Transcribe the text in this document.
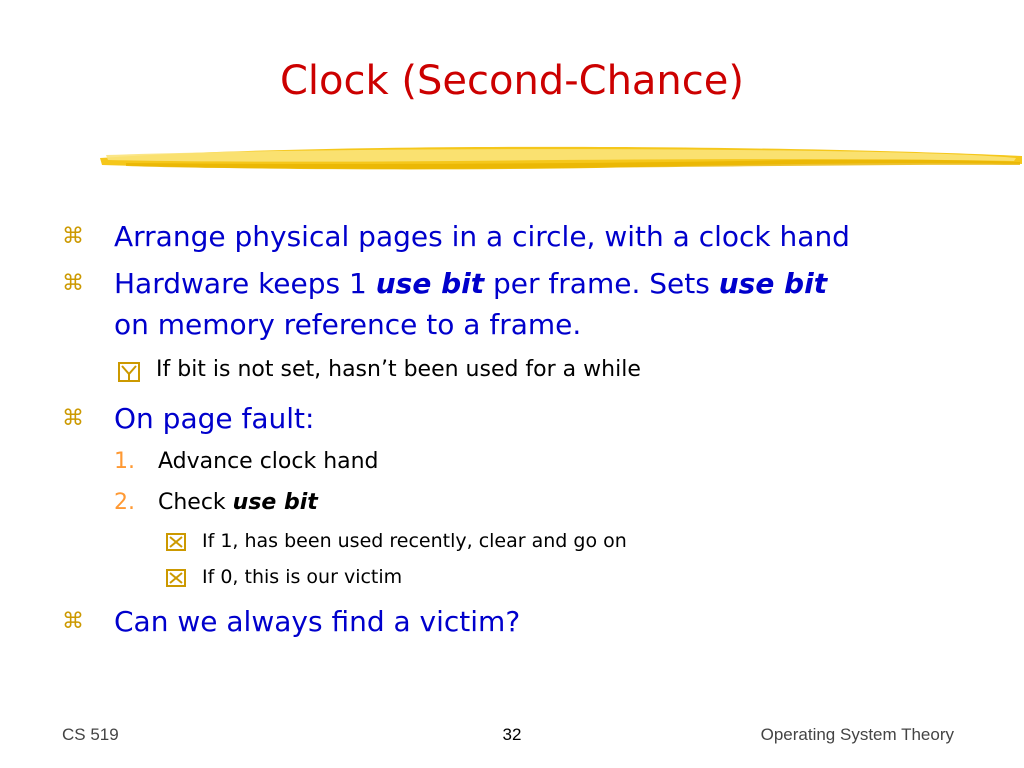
Clock (Second-Chance)
⌘ Arrange physical pages in a circle, with a clock hand
⌘ Hardware keeps 1 use bit per frame. Sets use bit
on memory reference to a frame.
If bit is not set, hasn’t been used for a while
⌘ On page fault:
1. Advance clock hand
2. Check use bit
If 1, has been used recently, clear and go on
If 0, this is our victim
⌘ Can we always find a victim?
CS 519	32	Operating System Theory
